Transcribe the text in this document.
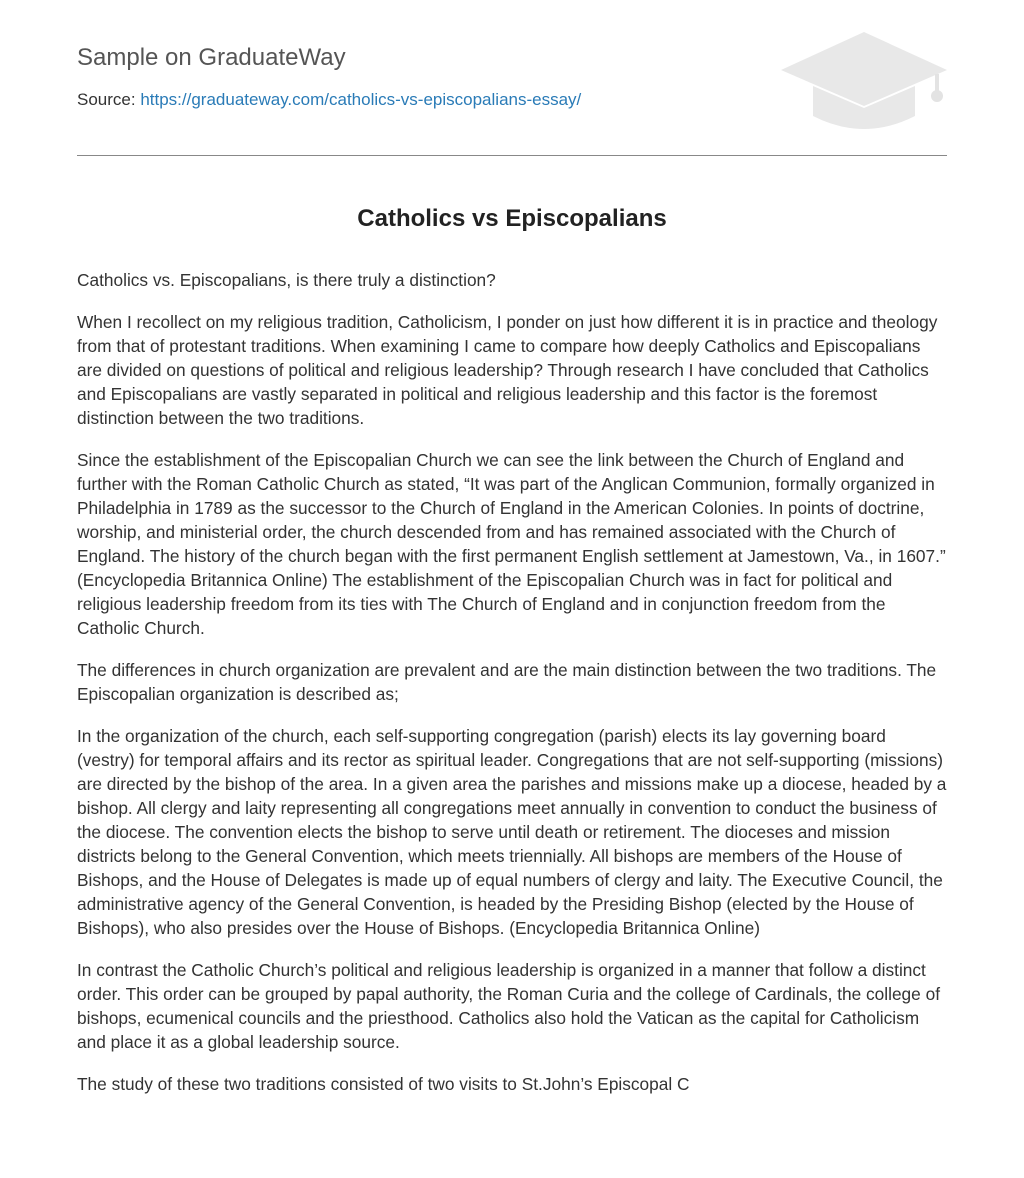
Sample on GraduateWay
Source: https://graduateway.com/catholics-vs-episcopalians-essay/
Catholics vs Episcopalians

Catholics vs. Episcopalians, is there truly a distinction?

When I recollect on my religious tradition, Catholicism, I ponder on just how different it is in practice and theology from that of protestant traditions. When examining I came to compare how deeply Catholics and Episcopalians are divided on questions of political and religious leadership? Through research I have concluded that Catholics and Episcopalians are vastly separated in political and religious leadership and this factor is the foremost distinction between the two traditions.

Since the establishment of the Episcopalian Church we can see the link between the Church of England and further with the Roman Catholic Church as stated, “It was part of the Anglican Communion, formally organized in Philadelphia in 1789 as the successor to the Church of England in the American Colonies. In points of doctrine, worship, and ministerial order, the church descended from and has remained associated with the Church of England. The history of the church began with the first permanent English settlement at Jamestown, Va., in 1607.” (Encyclopedia Britannica Online) The establishment of the Episcopalian Church was in fact for political and religious leadership freedom from its ties with The Church of England and in conjunction freedom from the Catholic Church.

The differences in church organization are prevalent and are the main distinction between the two traditions. The Episcopalian organization is described as;

In the organization of the church, each self-supporting congregation (parish) elects its lay governing board (vestry) for temporal affairs and its rector as spiritual leader. Congregations that are not self-supporting (missions) are directed by the bishop of the area. In a given area the parishes and missions make up a diocese, headed by a bishop. All clergy and laity representing all congregations meet annually in convention to conduct the business of the diocese. The convention elects the bishop to serve until death or retirement. The dioceses and mission districts belong to the General Convention, which meets triennially. All bishops are members of the House of Bishops, and the House of Delegates is made up of equal numbers of clergy and laity. The Executive Council, the administrative agency of the General Convention, is headed by the Presiding Bishop (elected by the House of Bishops), who also presides over the House of Bishops. (Encyclopedia Britannica Online)

In contrast the Catholic Church’s political and religious leadership is organized in a manner that follow a distinct order. This order can be grouped by papal authority, the Roman Curia and the college of Cardinals, the college of bishops, ecumenical councils and the priesthood. Catholics also hold the Vatican as the capital for Catholicism and place it as a global leadership source.

The study of these two traditions consisted of two visits to St.John’s Episcopal C
